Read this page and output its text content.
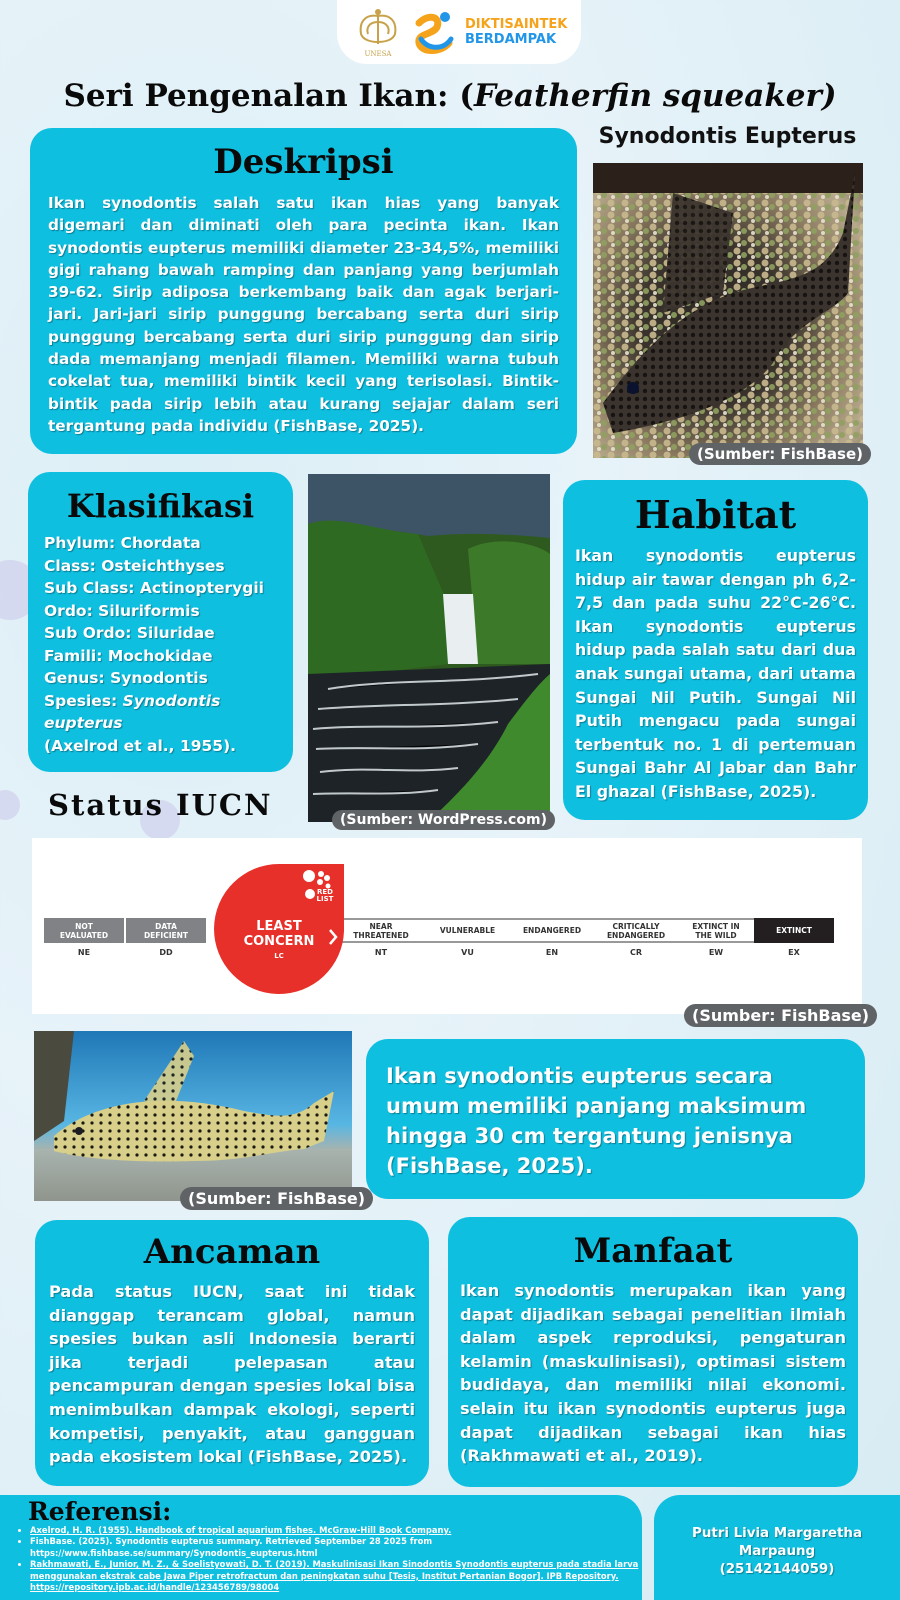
UNESA
DIKTISAINTEK
BERDAMPAK
Seri Pengenalan Ikan: (Featherfin squeaker)
Deskripsi
Ikan synodontis salah satu ikan hias yang banyak digemari dan diminati oleh para pecinta ikan. Ikan synodontis eupterus memiliki diameter 23-34,5%, memiliki gigi rahang bawah ramping dan panjang yang berjumlah 39-62. Sirip adiposa berkembang baik dan agak berjari-jari. Jari-jari sirip punggung bercabang serta duri sirip punggung bercabang serta duri sirip punggung dan sirip dada memanjang menjadi filamen. Memiliki warna tubuh cokelat tua, memiliki bintik kecil yang terisolasi. Bintik-bintik pada sirip lebih atau kurang sejajar dalam seri tergantung pada individu (FishBase, 2025).
Synodontis Eupterus
(Sumber: FishBase)
Klasifikasi
Phylum: Chordata
Class: Osteichthyses
Sub Class: Actinopterygii
Ordo: Siluriformis
Sub Ordo: Siluridae
Famili: Mochokidae
Genus: Synodontis
Spesies: Synodontis eupterus
(Axelrod et al., 1955).
(Sumber: WordPress.com)
Habitat
Ikan synodontis eupterus hidup air tawar dengan ph 6,2-7,5 dan pada suhu 22°C-26°C. Ikan synodontis eupterus hidup pada salah satu dari dua anak sungai utama, dari utama Sungai Nil Putih. Sungai Nil Putih mengacu pada sungai terbentuk no. 1 di pertemuan Sungai Bahr Al Jabar dan Bahr El ghazal (FishBase, 2025).
Status IUCN
NOT
EVALUATED
NE
DATA
DEFICIENT
DD
NEAR
THREATENED
NT
VULNERABLE
VU
ENDANGERED
EN
CRITICALLY
ENDANGERED
CR
EXTINCT IN
THE WILD
EW
EXTINCT
EX
RED
LIST
LEAST
CONCERN
LC
(Sumber: FishBase)
(Sumber: FishBase)
Ikan synodontis eupterus secara umum memiliki panjang maksimum hingga 30 cm tergantung jenisnya (FishBase, 2025).
Ancaman
Pada status IUCN, saat ini tidak dianggap terancam global, namun spesies bukan asli Indonesia berarti jika terjadi pelepasan atau pencampuran dengan spesies lokal bisa menimbulkan dampak ekologi, seperti kompetisi, penyakit, atau gangguan pada ekosistem lokal (FishBase, 2025).
Manfaat
Ikan synodontis merupakan ikan yang dapat dijadikan sebagai penelitian ilmiah dalam aspek reproduksi, pengaturan kelamin (maskulinisasi), optimasi sistem budidaya, dan memiliki nilai ekonomi. selain itu ikan synodontis eupterus juga dapat dijadikan sebagai ikan hias (Rakhmawati et al., 2019).
Referensi:
• Axelrod, H. R. (1955). Handbook of tropical aquarium fishes. McGraw-Hill Book Company.
• FishBase. (2025). Synodontis eupterus summary. Retrieved September 28 2025 from https://www.fishbase.se/summary/Synodontis_eupterus.html
• Rakhmawati, E., Junior, M. Z., & Soelistyowati, D. T. (2019). Maskulinisasi Ikan Sinodontis Synodontis eupterus pada stadia larva menggunakan ekstrak cabe Jawa Piper retrofractum dan peningkatan suhu [Tesis, Institut Pertanian Bogor]. IPB Repository. https://repository.ipb.ac.id/handle/123456789/98004
Putri Livia Margaretha Marpaung
(25142144059)
